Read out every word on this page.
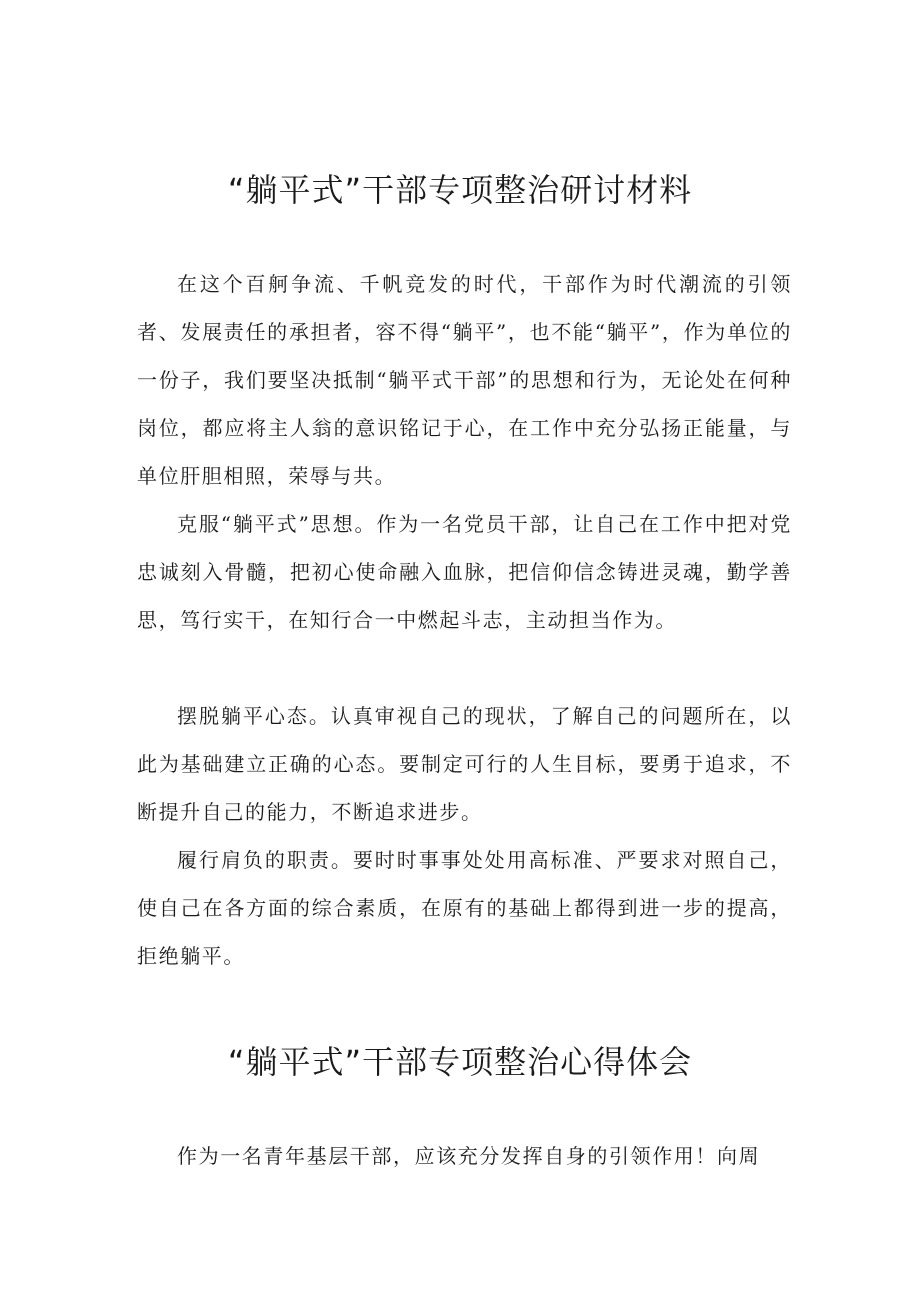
“躺平式”干部专项整治研讨材料

在这个百舸争流、千帆竞发的时代，干部作为时代潮流的引领者、发展责任的承担者，容不得“躺平”，也不能“躺平”，作为单位的一份子，我们要坚决抵制“躺平式干部”的思想和行为，无论处在何种岗位，都应将主人翁的意识铭记于心，在工作中充分弘扬正能量，与单位肝胆相照，荣辱与共。

克服“躺平式”思想。作为一名党员干部，让自己在工作中把对党忠诚刻入骨髓，把初心使命融入血脉，把信仰信念铸进灵魂，勤学善思，笃行实干，在知行合一中燃起斗志，主动担当作为。

摆脱躺平心态。认真审视自己的现状，了解自己的问题所在，以此为基础建立正确的心态。要制定可行的人生目标，要勇于追求，不断提升自己的能力，不断追求进步。

履行肩负的职责。要时时事事处处用高标准、严要求对照自己，使自己在各方面的综合素质，在原有的基础上都得到进一步的提高，拒绝躺平。

“躺平式”干部专项整治心得体会

作为一名青年基层干部，应该充分发挥自身的引领作用！向周
